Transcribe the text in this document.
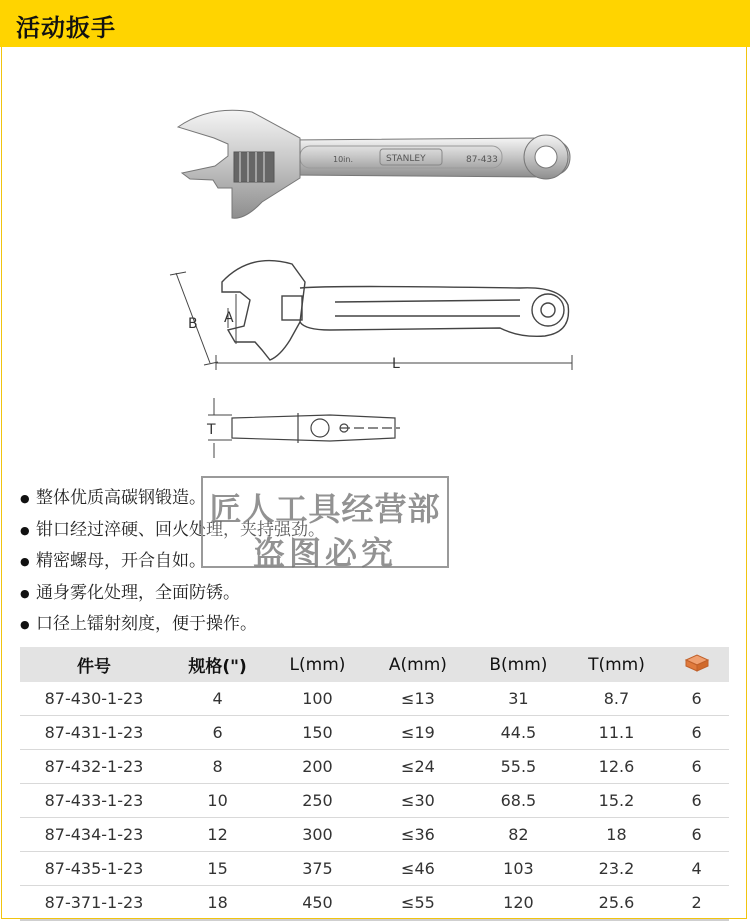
活动扳手
10in.	STANLEY	87-433
B A
L
T
● 整体优质高碳钢锻造。
● 钳口经过淬硬、回火处理，夹持强劲。
● 精密螺母，开合自如。
● 通身雾化处理，全面防锈。
● 口径上镭射刻度，便于操作。
匠人工具经营部
盗图必究
件号	规格(")	L(mm)	A(mm)	B(mm)	T(mm)	
87-430-1-23	4	100	≤13	31	8.7	6
87-431-1-23	6	150	≤19	44.5	11.1	6
87-432-1-23	8	200	≤24	55.5	12.6	6
87-433-1-23	10	250	≤30	68.5	15.2	6
87-434-1-23	12	300	≤36	82	18	6
87-435-1-23	15	375	≤46	103	23.2	4
87-371-1-23	18	450	≤55	120	25.6	2
